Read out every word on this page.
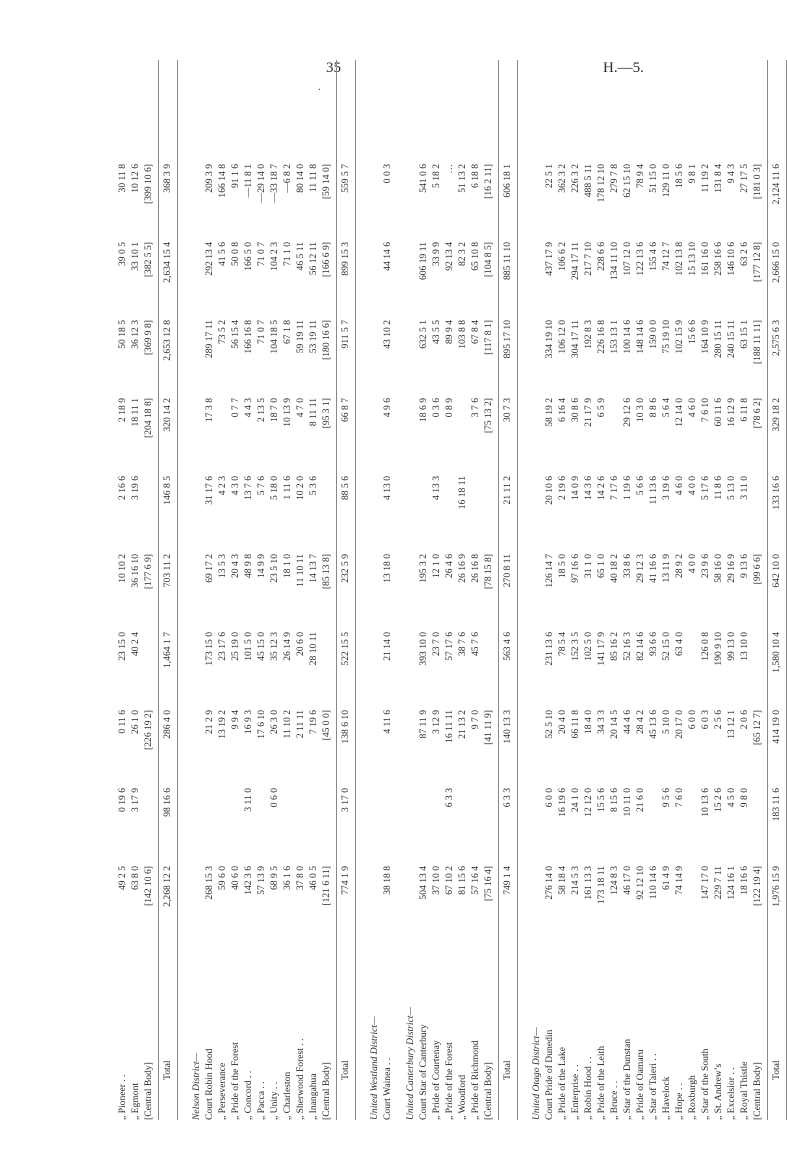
35	H.—5.
.
„ Pioneer . .
49 2 5
0 19 6
0 11 6
23 15 0
10 10 2
2 16 6
2 18 9
50 18 5
39 0 5
30 11 8
„ Egmont
63 8 0
3 17 9
26 1 0
40 2 4
36 16 10
3 19 6
18 11 1
36 12 3
33 10 1
10 12 6
[Central Body]
[142 10 6]
[226 19 2]
[177 6 9]
[204 18 8]
[369 9 8]
[382 5 5]
[399 10 6]
Total
2,268 12 2
98 16 6
286 4 0
1,464 1 7
703 11 2
146 8 5
320 14 2
2,653 12 8
2,634 15 4
368 3 9
Nelson District— Court Robin Hood
268 15 3
21 2 9
173 15 0
69 17 2
31 17 6
17 3 8
289 17 11
292 13 4
209 3 9
„ Perseverance
59 6 0
13 19 2
23 17 6
13 5 3
4 2 3
73 5 2
41 5 6
166 14 8
„ Pride of the Forest
40 6 0
9 9 4
25 19 0
20 4 3
4 3 0
0 7 7
56 15 4
50 0 8
91 1 6
„ Concord . .
142 3 6
3 11 0
16 9 3
101 5 0
48 9 8
13 7 6
4 4 3
166 16 8
166 5 0
—11 8 1
„ Pacca . .
57 13 9
17 6 10
45 15 0
14 9 9
5 7 6
2 13 5
71 0 7
71 0 7
—29 14 0
„ Unity . .
68 9 5
0 6 0
26 3 0
35 12 3
23 5 10
5 18 0
18 7 0
104 18 5
104 2 3
—33 18 7
„ Charleston
36 1 6
11 10 2
26 14 9
18 1 0
1 11 6
10 13 9
67 1 8
71 1 0
—6 8 2
„ Sherwood Forest . .
37 8 0
2 11 11
20 6 0
11 10 11
10 2 0
4 7 0
59 19 11
46 5 11
80 14 0
„ Inangahua
46 0 5
7 19 6
28 10 11
14 13 7
5 3 6
8 11 11
53 19 11
56 12 11
11 11 8
[Central Body]
[121 6 11]
[45 0 0]
[85 13 8]
[95 3 1]
[180 16 6]
[166 6 9]
[59 14 0]
Total
774 1 9
3 17 0
138 6 10
522 15 5
232 5 9
88 5 6
66 8 7
911 5 7
899 15 3
559 5 7
United Westland District— Court Wainea . .
38 18 8
4 11 6
21 14 0
13 18 0
4 13 0
4 9 6
43 10 2
44 14 6
0 0 3
United Canterbury District— Court Star of Canterbury
504 13 4
87 11 9
393 10 0
195 3 2
18 6 9
632 5 1
606 19 11
541 0 6
„ Pride of Courtenay
37 10 0
3 12 9
23 7 0
12 1 0
4 13 3
0 3 6
43 5 5
33 9 9
5 18 2
„ Pride of the Forest
67 10 2
6 3 3
16 11 11
57 17 6
26 4 6
0 8 9
89 9 4
92 13 4
…
„ Woodford
81 15 6
21 13 2
38 7 6
26 16 9
16 18 11
103 8 8
82 3 2
51 13 2
„ Pride of Richmond
57 16 4
9 7 0
45 7 6
26 16 8
3 7 6
67 8 4
65 10 8
6 18 8
[Central Body]
[75 16 4]
[41 11 9]
[78 15 8]
[75 13 2]
[117 8 1]
[104 8 5]
[16 2 11]
Total
749 1 4
6 3 3
140 13 3
563 4 6
270 8 11
21 11 2
30 7 3
895 17 10
885 11 10
606 18 1
United Otago District— Court Pride of Dunedin
276 14 0
6 0 0
52 5 10
231 13 6
126 14 7
20 10 6
58 19 2
334 19 10
437 17 9
22 5 1
„ Pride of the Lake
58 18 4
16 19 6
20 4 0
78 5 4
18 5 0
2 19 6
6 16 4
106 12 0
106 6 2
362 3 2
„ Enterprise . .
214 5 3
24 1 0
66 11 8
152 3 5
97 16 6
14 0 9
30 8 6
304 17 11
294 17 11
226 3 2
„ Robin Hood . .
161 13 3
12 12 0
18 4 0
102 5 0
31 1 0
14 3 6
21 17 9
192 8 3
217 7 10
488 5 11
„ Pride of the Leith
173 18 11
15 5 6
34 3 3
141 17 9
65 1 0
14 2 6
6 5 9
226 16 8
228 6 6
178 12 10
„ Bruce . .
124 8 3
8 15 6
20 14 5
85 16 2
40 18 2
7 17 6
153 13 1
134 11 10
279 7 8
„ Star of the Dunstan
46 17 0
10 11 0
44 4 6
52 16 3
33 8 6
1 19 6
29 12 6
100 14 6
107 12 0
62 15 10
„ Pride of Oamaru
92 12 10
21 6 0
28 4 2
82 14 6
29 12 3
5 6 6
10 3 0
148 14 6
122 13 6
78 9 4
„ Star of Taieri . .
110 14 6
45 13 6
93 6 6
41 16 6
11 13 6
8 8 6
159 0 0
155 4 6
51 15 0
„ Havelock
61 4 9
9 5 6
5 10 0
52 15 0
13 11 9
3 19 6
5 6 4
75 19 10
74 12 7
129 11 0
„ Hope . .
74 14 9
7 6 0
20 17 0
63 4 0
28 9 2
4 6 0
12 14 0
102 15 9
102 13 8
18 5 6
„ Roxburgh
6 0 0
4 0 0
4 0 0
4 6 0
15 6 6
15 13 10
9 8 1
„ Star of the South
147 17 0
10 13 6
6 0 3
126 0 8
23 9 6
5 17 6
7 6 10
164 10 9
161 16 0
11 19 2
„ St. Andrew’s
229 7 11
15 2 6
2 5 6
190 9 10
58 16 0
11 8 6
60 11 6
280 15 11
258 16 6
131 8 4
„ Excelsior . .
124 16 1
4 5 0
13 12 1
99 13 0
29 16 9
5 13 0
16 12 9
240 15 11
146 10 6
9 4 3
„ Royal Thistle
18 16 6
9 8 0
2 0 6
13 10 0
9 13 6
3 11 0
6 11 8
63 15 1
63 2 6
27 17 5
[Central Body]
[122 19 4]
[65 12 7]
[99 6 6]
[78 6 2]
[188 11 11]
[177 12 8]
[181 0 3]
Total
1,976 15 9
183 11 6
414 19 0
1,580 10 4
642 10 0
133 16 6
329 18 2
2,575 6 3
2,666 15 0
2,124 11 6
